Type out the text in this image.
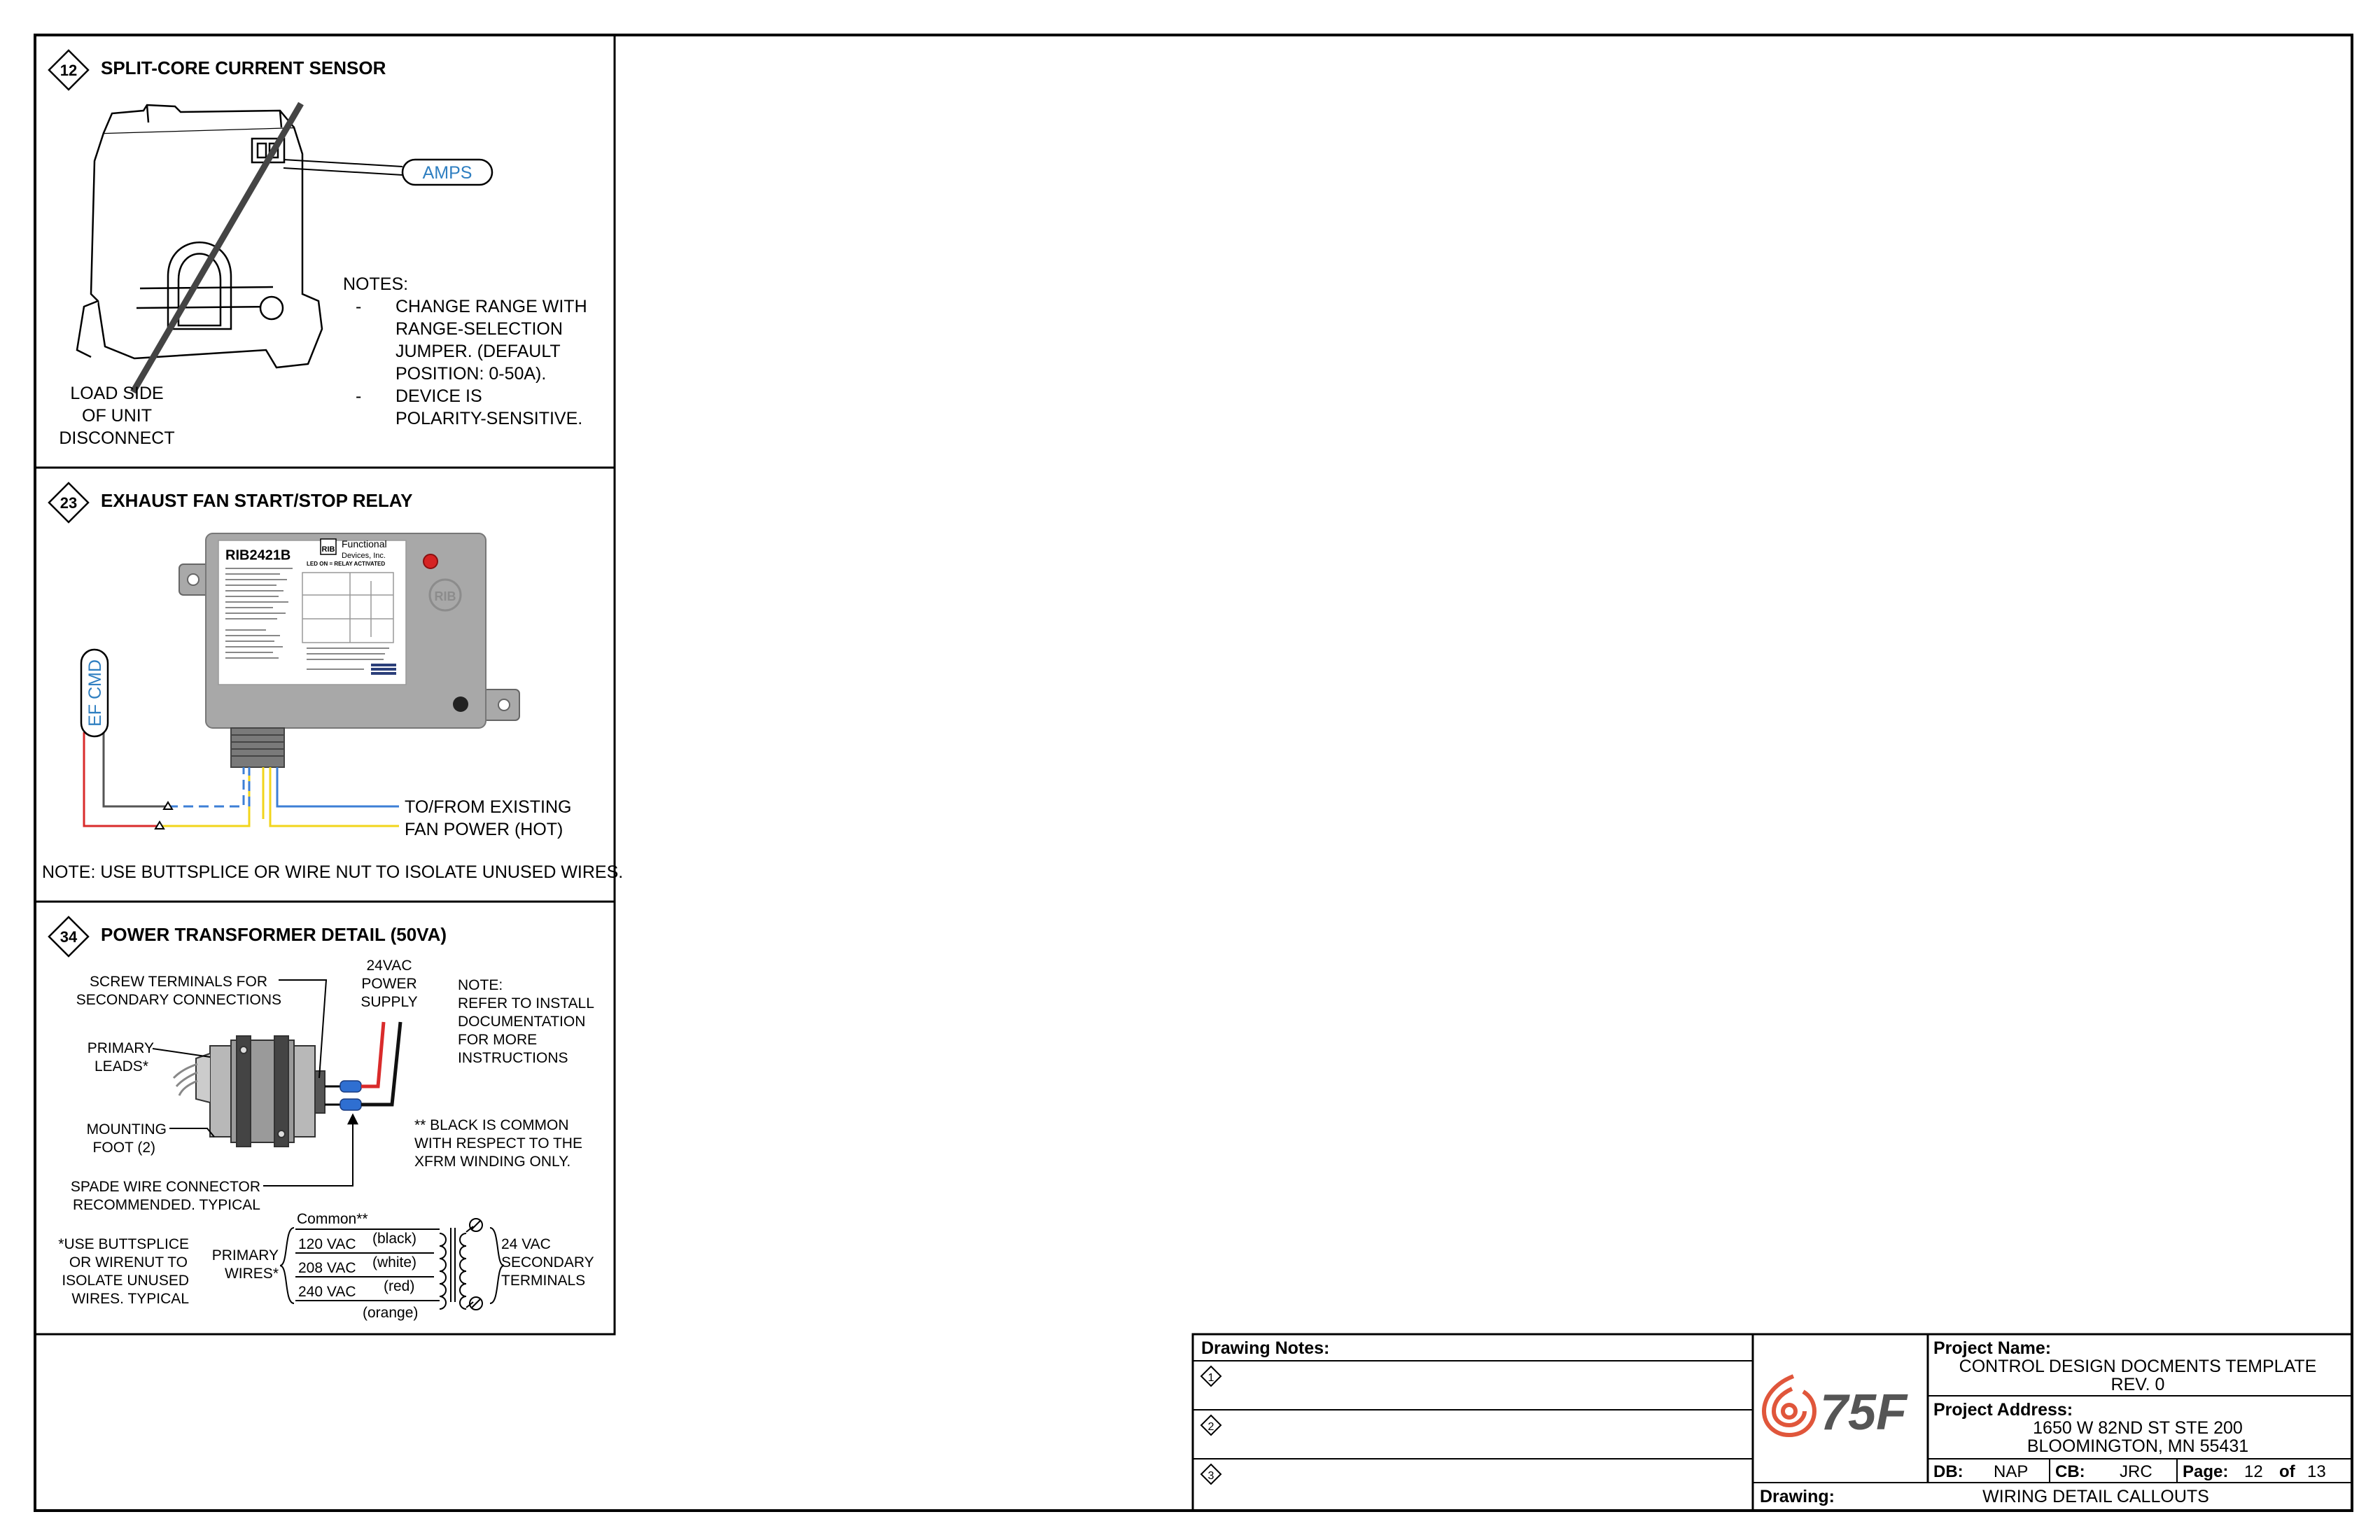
12 SPLIT-CORE CURRENT SENSOR
AMPS
LOAD SIDE
OF UNIT
DISCONNECT
NOTES:
- CHANGE RANGE WITH
RANGE-SELECTION
JUMPER. (DEFAULT
POSITION: 0-50A).
- DEVICE IS
POLARITY-SENSITIVE.
23 EXHAUST FAN START/STOP RELAY
RIB2421B	RIB Functional
Devices, Inc.
LED ON = RELAY ACTIVATED
RIB
EF CMD
TO/FROM EXISTING
FAN POWER (HOT)
NOTE: USE BUTTSPLICE OR WIRE NUT TO ISOLATE UNUSED WIRES.
34 POWER TRANSFORMER DETAIL (50VA)
SCREW TERMINALS FOR
SECONDARY CONNECTIONS
24VAC
POWER
SUPPLY
NOTE:
REFER TO INSTALL
DOCUMENTATION
FOR MORE
INSTRUCTIONS
PRIMARY
LEADS*
MOUNTING
FOOT (2)
** BLACK IS COMMON
WITH RESPECT TO THE
XFRM WINDING ONLY.
SPADE WIRE CONNECTOR
RECOMMENDED. TYPICAL
Common**
120 VAC (black)
208 VAC (white)
240 VAC (red)
(orange)
*USE BUTTSPLICE
OR WIRENUT TO
ISOLATE UNUSED
WIRES. TYPICAL
PRIMARY
WIRES*
24 VAC
SECONDARY
TERMINALS
Drawing Notes:
1
2
3
75F
Project Name:
CONTROL DESIGN DOCMENTS TEMPLATE
REV. 0
Project Address:
1650 W 82ND ST STE 200
BLOOMINGTON, MN 55431
DB: NAP CB: JRC Page: 12 of 13
Drawing:	WIRING DETAIL CALLOUTS
